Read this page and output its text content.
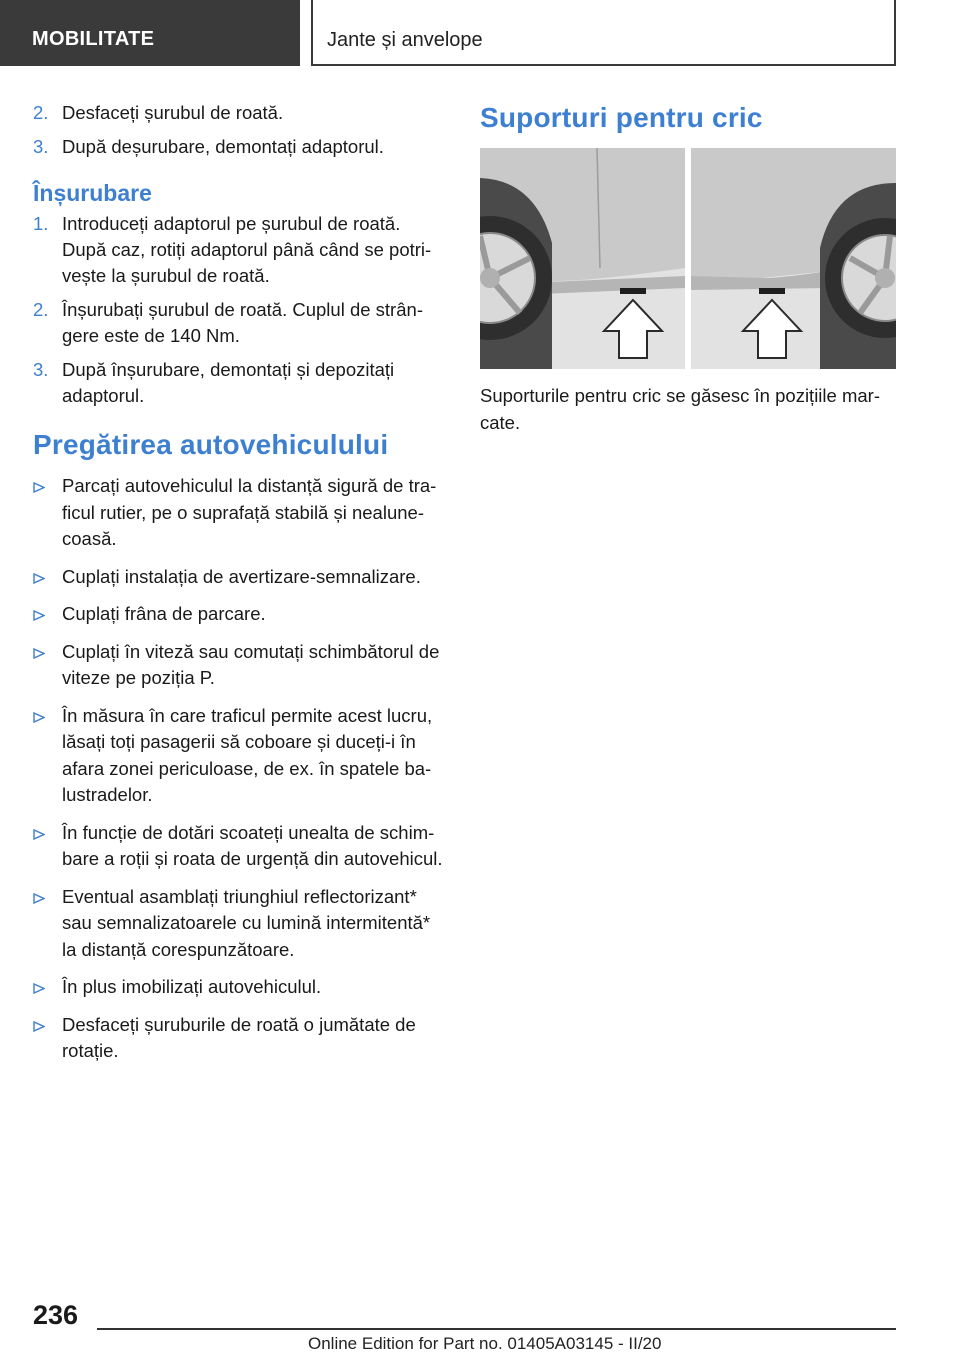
MOBILITATE	Jante și anvelope
2. Desfaceți șurubul de roată.
3. După deșurubare, demontați adaptorul.
Înșurubare
1. Introduceți adaptorul pe șurubul de roată. După caz, rotiți adaptorul până când se potrivește la șurubul de roată.
2. Înșurubați șurubul de roată. Cuplul de strângere este de 140 Nm.
3. După înșurubare, demontați și depozitați adaptorul.
Pregătirea autovehiculului
Parcați autovehiculul la distanță sigură de traficul rutier, pe o suprafață stabilă și nealunecoasă.
Cuplați instalația de avertizare-semnalizare.
Cuplați frâna de parcare.
Cuplați în viteză sau comutați schimbătorul de viteze pe poziția P.
În măsura în care traficul permite acest lucru, lăsați toți pasagerii să coboare și duceți-i în afara zonei periculoase, de ex. în spatele balustradelor.
În funcție de dotări scoateți unealta de schimbare a roții și roata de urgență din autovehicul.
Eventual asamblați triunghiul reflectorizant* sau semnalizatoarele cu lumină intermitentă* la distanță corespunzătoare.
În plus imobilizați autovehiculul.
Desfaceți șuruburile de roată o jumătate de rotație.
Suporturi pentru cric

Suporturile pentru cric se găsesc în pozițiile marcate.

236
Online Edition for Part no. 01405A03145 - II/20
